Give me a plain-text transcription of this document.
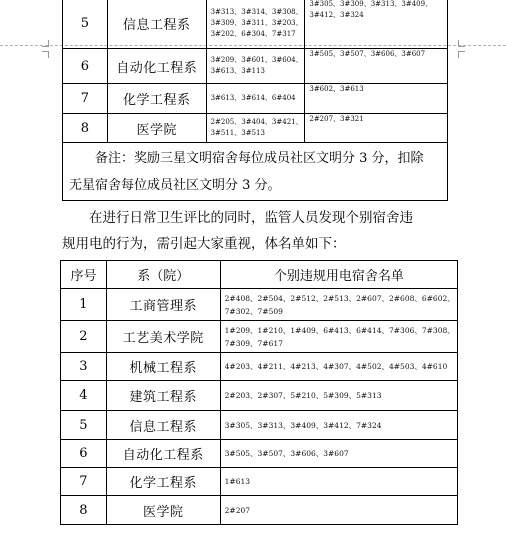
5	信息工程系	3#313、3#314、3#308、3#309、3#311、3#203、3#202、6#304、7#317	3#305、3#309、3#313、3#409、3#412、3#324
6	自动化工程系	3#209、3#601、3#604、3#613、3#113	3#505、3#507、3#606、3#607
7	化学工程系	3#613、3#614、6#404	3#602、3#613
8	医学院	2#205、3#404、3#421、3#511、3#513	2#207、3#321

备注：奖励三星文明宿舍每位成员社区文明分 3 分，扣除
无星宿舍每位成员社区文明分 3 分。			
在进行日常卫生评比的同时，监管人员发现个别宿舍违
规用电的行为，需引起大家重视，体名单如下：
序号	系（院）	个别违规用电宿舍名单
1	工商管理系	2#408、2#504、2#512、2#513、2#607、2#608、6#602、7#302、7#509
2	工艺美术学院	1#209、1#210、1#409、6#413、6#414、7#306、7#308、7#309、7#617
3	机械工程系	4#203、4#211、4#213、4#307、4#502、4#503、4#610
4	建筑工程系	2#203、2#307、5#210、5#309、5#313
5	信息工程系	3#305、3#313、3#409、3#412、7#324
6	自动化工程系	3#505、3#507、3#606、3#607
7	化学工程系	1#613
8	医学院	2#207
